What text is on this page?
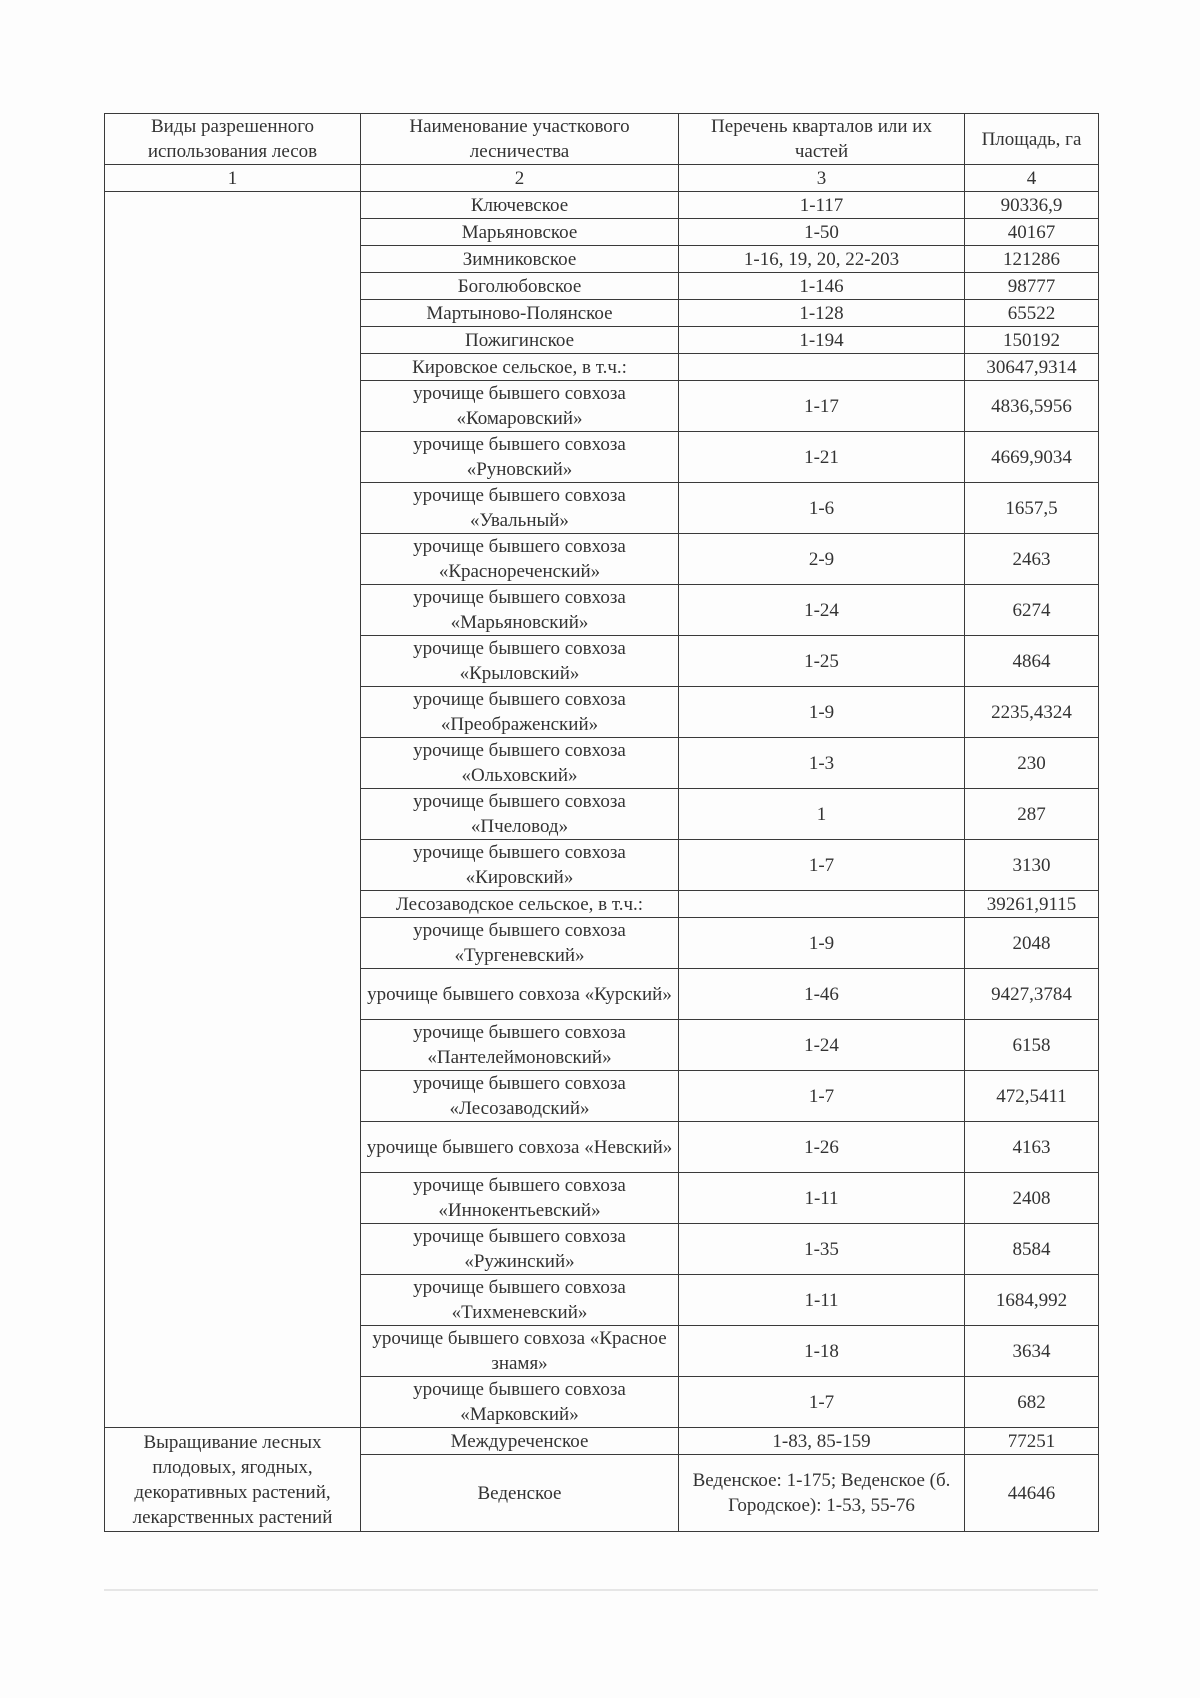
Виды разрешенного использования лесов	Наименование участкового лесничества	Перечень кварталов или их частей	Площадь, га
1	2	3	4
	Ключевское	1-117	90336,9
	Марьяновское	1-50	40167
	Зимниковское	1-16, 19, 20, 22-203	121286
	Боголюбовское	1-146	98777
	Мартыново-Полянское	1-128	65522
	Пожигинское	1-194	150192
	Кировское сельское, в т.ч.:		30647,9314
	урочище бывшего совхоза «Комаровский»	1-17	4836,5956
	урочище бывшего совхоза «Руновский»	1-21	4669,9034
	урочище бывшего совхоза «Увальный»	1-6	1657,5
	урочище бывшего совхоза «Краснореченский»	2-9	2463
	урочище бывшего совхоза «Марьяновский»	1-24	6274
	урочище бывшего совхоза «Крыловский»	1-25	4864
	урочище бывшего совхоза «Преображенский»	1-9	2235,4324
	урочище бывшего совхоза «Ольховский»	1-3	230
	урочище бывшего совхоза «Пчеловод»	1	287
	урочище бывшего совхоза «Кировский»	1-7	3130
	Лесозаводское сельское, в т.ч.:		39261,9115
	урочище бывшего совхоза «Тургеневский»	1-9	2048
	урочище бывшего совхоза «Курский»	1-46	9427,3784
	урочище бывшего совхоза «Пантелеймоновский»	1-24	6158
	урочище бывшего совхоза «Лесозаводский»	1-7	472,5411
	урочище бывшего совхоза «Невский»	1-26	4163
	урочище бывшего совхоза «Иннокентьевский»	1-11	2408
	урочище бывшего совхоза «Ружинский»	1-35	8584
	урочище бывшего совхоза «Тихменевский»	1-11	1684,992
	урочище бывшего совхоза «Красное знамя»	1-18	3634
	урочище бывшего совхоза «Марковский»	1-7	682
Выращивание лесных плодовых, ягодных, декоративных растений, лекарственных растений	Междуреченское	1-83, 85-159	77251
	Веденское	Веденское: 1-175; Веденское (б. Городское): 1-53, 55-76	44646
